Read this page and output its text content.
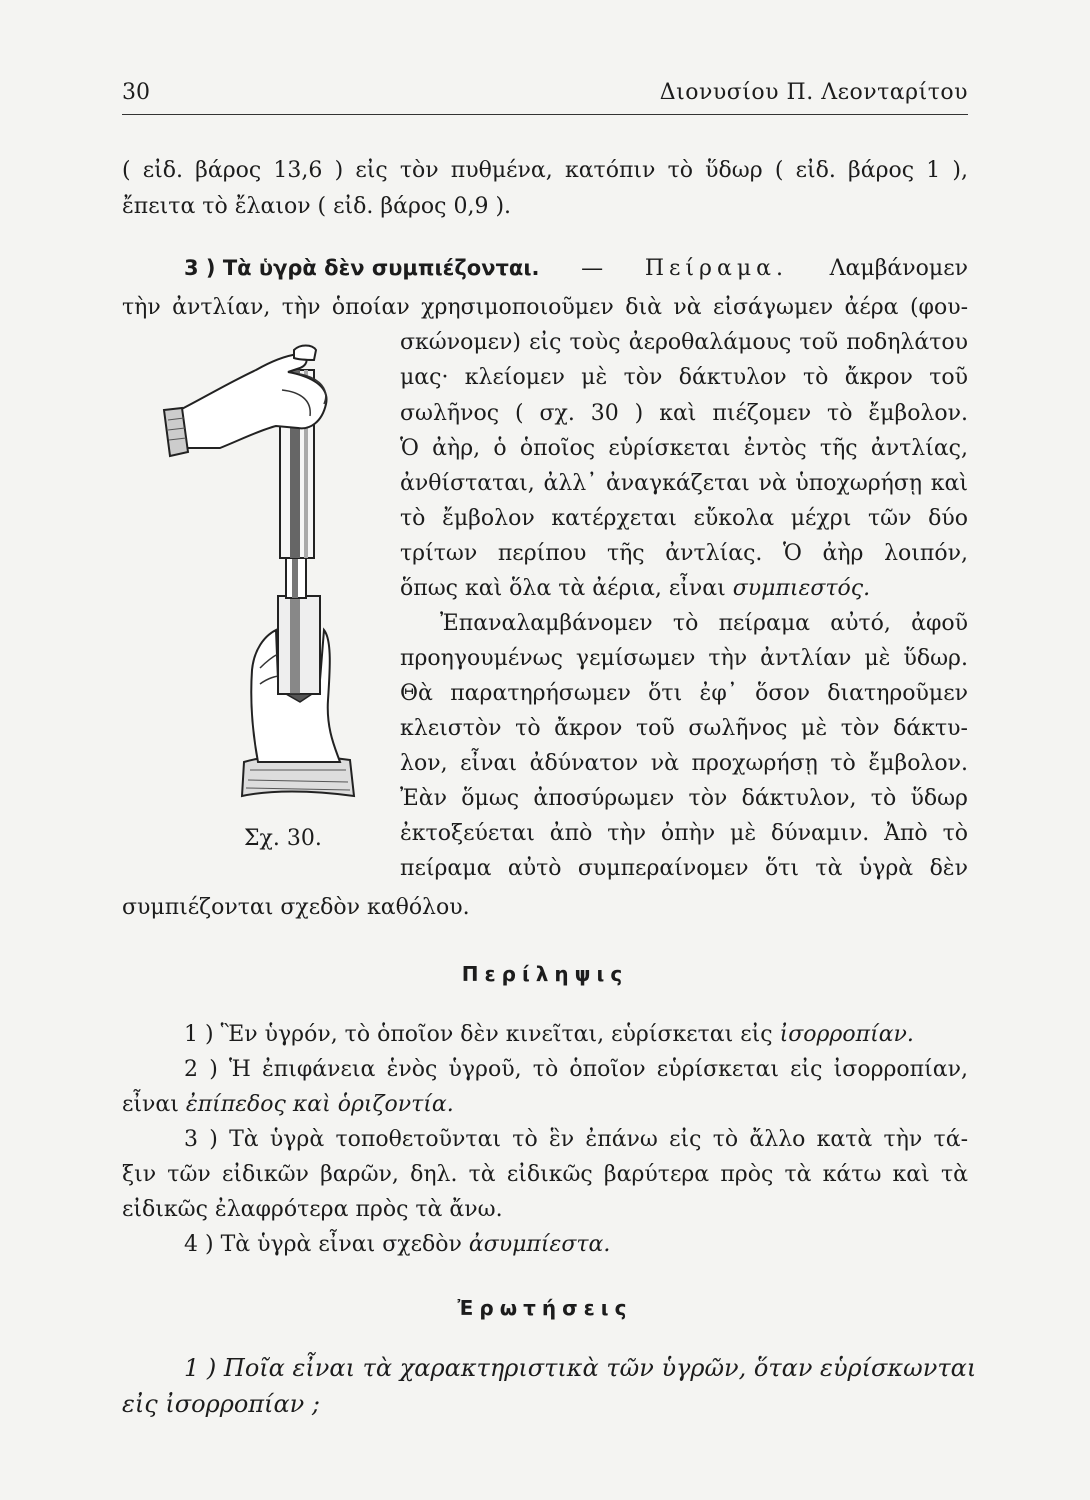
30	Διονυσίου Π. Λεονταρίτου
( εἰδ. βάρος 13,6 ) εἰς τὸν πυθμένα, κατόπιν τὸ ὕδωρ ( εἰδ. βάρος 1 ),
ἔπειτα τὸ ἔλαιον ( εἰδ. βάρος 0,9 ).
3 ) Τὰ ὑγρὰ δὲν συμπιέζονται. — Πείραμα. Λαμβάνομεν
τὴν ἀντλίαν, τὴν ὁποίαν χρησιμοποιοῦμεν διὰ νὰ εἰσάγωμεν ἀέρα (φου-
σκώνομεν) εἰς τοὺς ἀεροθαλάμους τοῦ ποδηλάτου
μας· κλείομεν μὲ τὸν δάκτυλον τὸ ἄκρον τοῦ
σωλῆνος ( σχ. 30 ) καὶ πιέζομεν τὸ ἔμβολον.
Ὁ ἀὴρ, ὁ ὁποῖος εὑρίσκεται ἐντὸς τῆς ἀντλίας,
ἀνθίσταται, ἀλλ᾽ ἀναγκάζεται νὰ ὑποχωρήσῃ καὶ
τὸ ἔμβολον κατέρχεται εὔκολα μέχρι τῶν δύο
τρίτων περίπου τῆς ἀντλίας. Ὁ ἀὴρ λοιπόν,
ὅπως καὶ ὅλα τὰ ἀέρια, εἶναι συμπιεστός.
Ἐπαναλαμβάνομεν τὸ πείραμα αὐτό, ἀφοῦ
προηγουμένως γεμίσωμεν τὴν ἀντλίαν μὲ ὕδωρ.
Θὰ παρατηρήσωμεν ὅτι ἐφ᾽ ὅσον διατηροῦμεν
κλειστὸν τὸ ἄκρον τοῦ σωλῆνος μὲ τὸν δάκτυ-
λον, εἶναι ἀδύνατον νὰ προχωρήσῃ τὸ ἔμβολον.
Ἐὰν ὅμως ἀποσύρωμεν τὸν δάκτυλον, τὸ ὕδωρ
ἐκτοξεύεται ἀπὸ τὴν ὀπὴν μὲ δύναμιν. Ἀπὸ τὸ
πείραμα αὐτὸ συμπεραίνομεν ὅτι τὰ ὑγρὰ δὲν
συμπιέζονται σχεδὸν καθόλου.
Σχ. 30.
Περίληψις
1 ) Ἓν ὑγρόν, τὸ ὁποῖον δὲν κινεῖται, εὑρίσκεται εἰς ἰσορροπίαν.
2 ) Ἡ ἐπιφάνεια ἑνὸς ὑγροῦ, τὸ ὁποῖον εὑρίσκεται εἰς ἰσορροπίαν,
εἶναι ἐπίπεδος καὶ ὁριζοντία.
3 ) Τὰ ὑγρὰ τοποθετοῦνται τὸ ἓν ἐπάνω εἰς τὸ ἄλλο κατὰ τὴν τά-
ξιν τῶν εἰδικῶν βαρῶν, δηλ. τὰ εἰδικῶς βαρύτερα πρὸς τὰ κάτω καὶ τὰ
εἰδικῶς ἐλαφρότερα πρὸς τὰ ἄνω.
4 ) Τὰ ὑγρὰ εἶναι σχεδὸν ἀσυμπίεστα.
Ἐρωτήσεις
1 ) Ποῖα εἶναι τὰ χαρακτηριστικὰ τῶν ὑγρῶν, ὅταν εὑρίσκωνται
εἰς ἰσορροπίαν ;
